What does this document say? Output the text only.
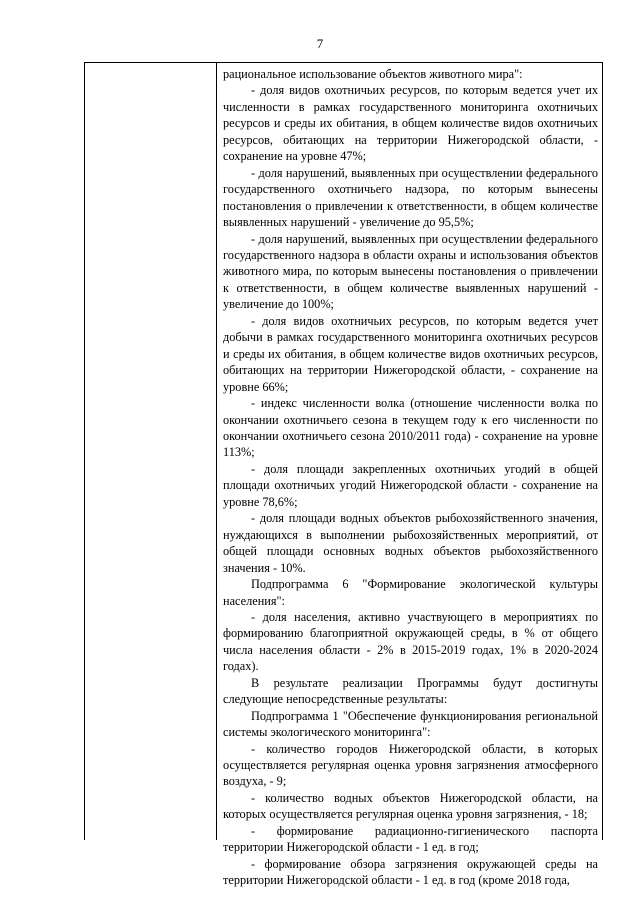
7

рациональное использование объектов животного мира":

- доля видов охотничьих ресурсов, по которым ведется учет их численности в рамках государственного мониторинга охотничьих ресурсов и среды их обитания, в общем количестве видов охотничьих ресурсов, обитающих на территории Нижегородской области, - сохранение на уровне 47%;

- доля нарушений, выявленных при осуществлении федерального государственного охотничьего надзора, по которым вынесены постановления о привлечении к ответственности, в общем количестве выявленных нарушений - увеличение до 95,5%;

- доля нарушений, выявленных при осуществлении федерального государственного надзора в области охраны и использования объектов животного мира, по которым вынесены постановления о привлечении к ответственности, в общем количестве выявленных нарушений - увеличение до 100%;

- доля видов охотничьих ресурсов, по которым ведется учет добычи в рамках государственного мониторинга охотничьих ресурсов и среды их обитания, в общем количестве видов охотничьих ресурсов, обитающих на территории Нижегородской области, - сохранение на уровне 66%;

- индекс численности волка (отношение численности волка по окончании охотничьего сезона в текущем году к его численности по окончании охотничьего сезона 2010/2011 года) - сохранение на уровне 113%;

- доля площади закрепленных охотничьих угодий в общей площади охотничьих угодий Нижегородской области - сохранение на уровне 78,6%;

- доля площади водных объектов рыбохозяйственного значения, нуждающихся в выполнении рыбохозяйственных мероприятий, от общей площади основных водных объектов рыбохозяйственного значения - 10%.

Подпрограмма 6 "Формирование экологической культуры населения":

- доля населения, активно участвующего в мероприятиях по формированию благоприятной окружающей среды, в % от общего числа населения области - 2% в 2015-2019 годах, 1% в 2020-2024 годах).

В результате реализации Программы будут достигнуты следующие непосредственные результаты:

Подпрограмма 1 "Обеспечение функционирования региональной системы экологического мониторинга":

- количество городов Нижегородской области, в которых осуществляется регулярная оценка уровня загрязнения атмосферного воздуха, - 9;

- количество водных объектов Нижегородской области, на которых осуществляется регулярная оценка уровня загрязнения, - 18;

- формирование радиационно-гигиенического паспорта территории Нижегородской области - 1 ед. в год;

- формирование обзора загрязнения окружающей среды на территории Нижегородской области - 1 ед. в год (кроме 2018 года,
